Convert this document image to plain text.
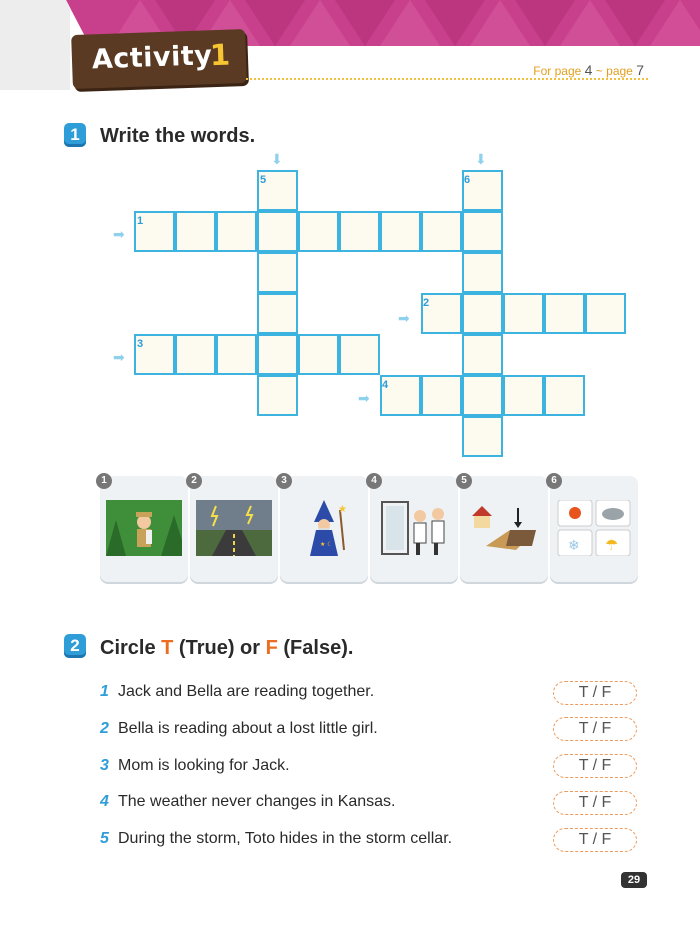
Activity
1	For page 4 ~ page 7
1	Write the words.
⬇	⬇
➡
➡
➡
➡
1
2
3
4
5	6
1	2	3
★
★ ☾
4	5	6
❄ ☂
2	Circle T (True) or F (False).
1 Jack and Bella are reading together.	T / F
2 Bella is reading about a lost little girl.	T / F
3 Mom is looking for Jack.	T / F
4 The weather never changes in Kansas.	T / F
5 During the storm, Toto hides in the storm cellar.	T / F
29
